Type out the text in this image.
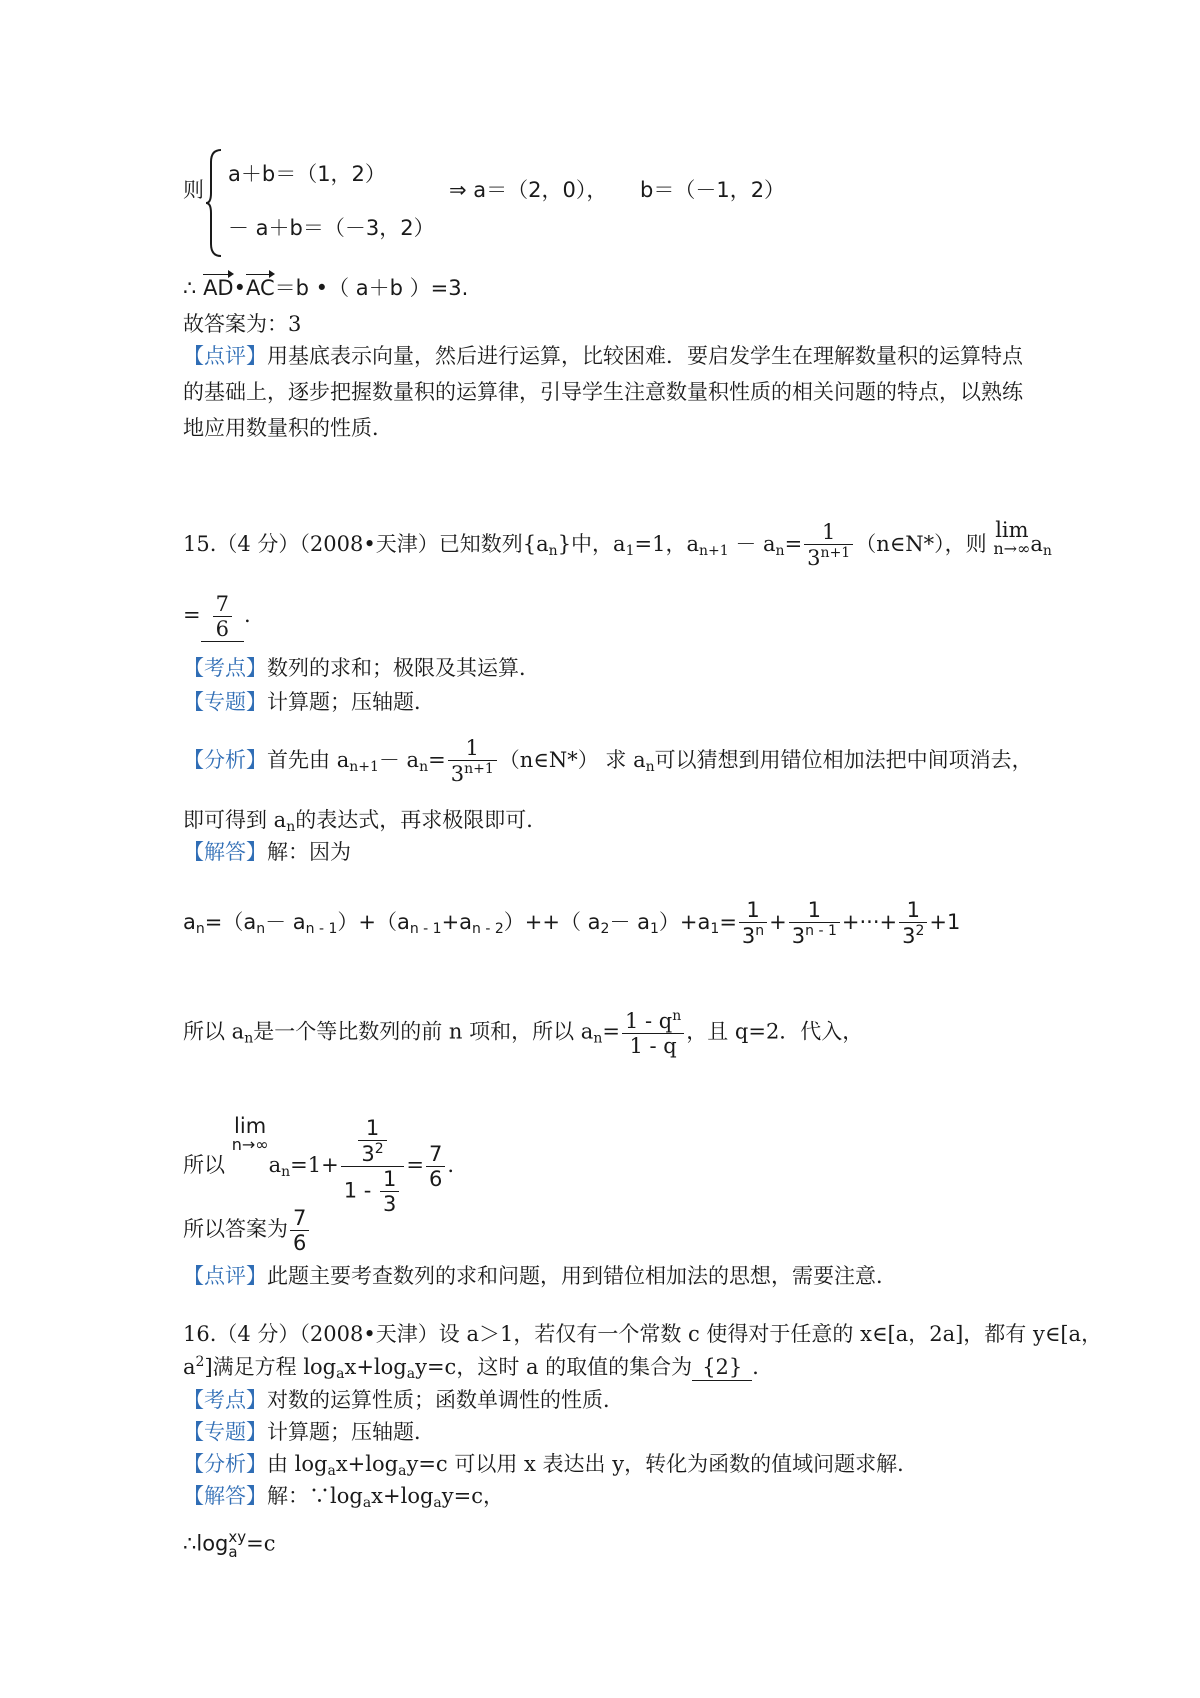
则
a＋b＝（1，2）
－ a＋b＝（－3，2）
⇒ a＝（2，0）， b＝（－1，2）
∴ AD•AC＝b •（ a＋b ）=3.
故答案为：3
【点评】用基底表示向量，然后进行运算，比较困难．要启发学生在理解数量积的运算特点的基础上，逐步把握数量积的运算律，引导学生注意数量积性质的相关问题的特点，以熟练地应用数量积的性质．
15.（4 分）（2008•天津）已知数列$\{a_n\}$中，$a_1=1$，$a_{n+1} - a_n= \frac{1}{3^{n+1}}$ （n∈N*），则 lim
n→∞ $a_n$
= $\frac{7}{6}$ .
【考点】数列的求和；极限及其运算．
【专题】计算题；压轴题．
【分析】首先由 $a_{n+1}- a_n= \frac{1}{3^{n+1}}$ （n∈N*） 求 $a_n$可以猜想到用错位相加法把中间项消去，
即可得到 $a_n$的表达式，再求极限即可．
【解答】解：因为
$a_n=(a_n- a_{n - 1})+(a_{n - 1}+a_{n - 2})++$（ $a_2- a_1)+a_1= \frac{1}{3^n} + \frac{1}{3^{n - 1}}$ +···+ $\frac{1}{3^2} +1$
所以 $a_n$是一个等比数列的前 n 项和，所以 $a_n= \frac{1 - q^n}{1 - q}$ ，且 q=2．代入，
所以 lim
n→∞
$a_n=1+ \frac{\frac{1}{3^2}}{1 - \frac{1}{3}} = \frac{7}{6}$ .
所以答案为 $\frac{7}{6}$
【点评】此题主要考查数列的求和问题，用到错位相加法的思想，需要注意．
16.（4 分）（2008•天津）设 a＞1，若仅有一个常数 c 使得对于任意的 x∈[a，2a]，都有 y∈[a，
$a^2$]满足方程 $\log_ax+\log_ay=c$，这时 a 的取值的集合为 {2} ．
【考点】对数的运算性质；函数单调性的性质．
【专题】计算题；压轴题．
【分析】由 $\log_ax+\log_ay=c$ 可以用 x 表达出 y，转化为函数的值域问题求解．
【解答】解：$\because\log_ax+\log_ay=c$，
∴log xy
a =c
